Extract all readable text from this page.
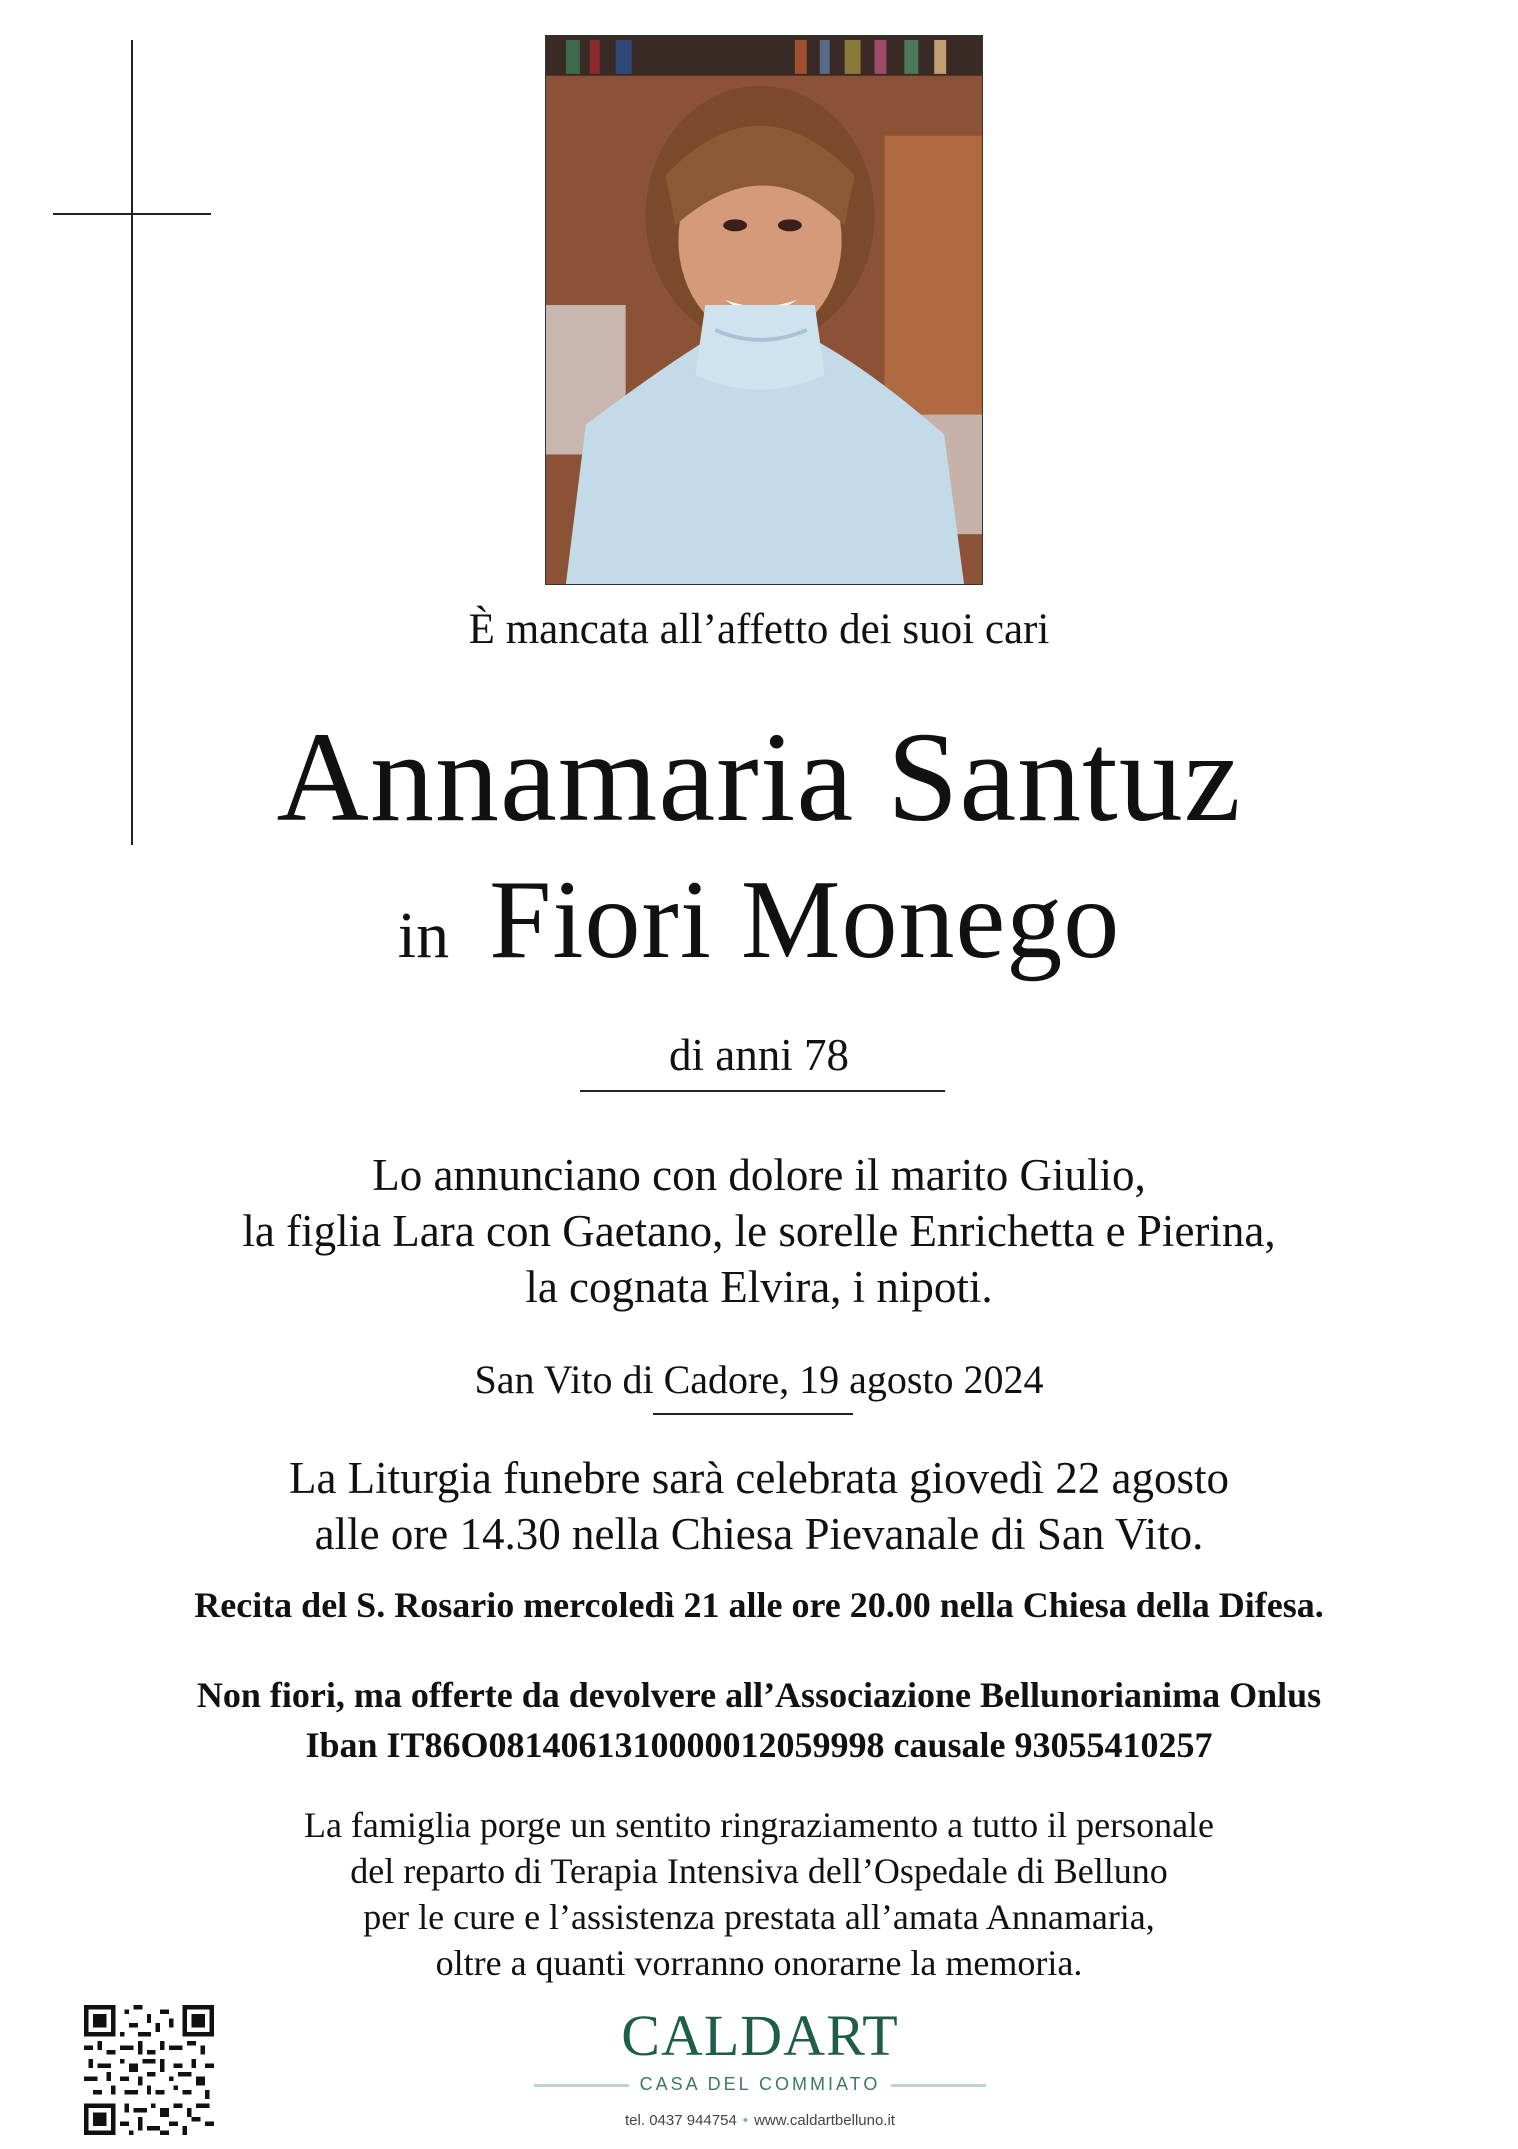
È mancata all’affetto dei suoi cari
Annamaria Santuz
in Fiori Monego
di anni 78
Lo annunciano con dolore il marito Giulio,
la figlia Lara con Gaetano, le sorelle Enrichetta e Pierina,
la cognata Elvira, i nipoti.
San Vito di Cadore, 19 agosto 2024
La Liturgia funebre sarà celebrata giovedì 22 agosto
alle ore 14.30 nella Chiesa Pievanale di San Vito.
Recita del S. Rosario mercoledì 21 alle ore 20.00 nella Chiesa della Difesa.
Non fiori, ma offerte da devolvere all’Associazione Bellunorianima Onlus
Iban IT86O0814061310000012059998 causale 93055410257
La famiglia porge un sentito ringraziamento a tutto il personale
del reparto di Terapia Intensiva dell’Ospedale di Belluno
per le cure e l’assistenza prestata all’amata Annamaria,
oltre a quanti vorranno onorarne la memoria.
CALDART
CASA DEL COMMIATO
tel. 0437 944754 • www.caldartbelluno.it
